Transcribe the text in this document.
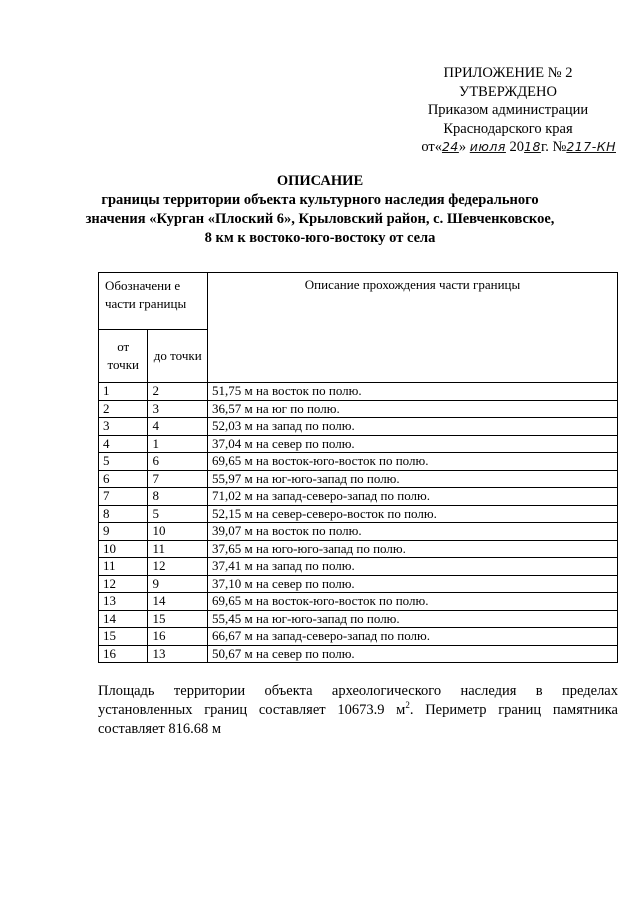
ПРИЛОЖЕНИЕ № 2
УТВЕРЖДЕНО
Приказом администрации
Краснодарского края
от«24» июля 2018г. №217-КН
ОПИСАНИЕ
границы территории объекта культурного наследия федерального
значения «Курган «Плоский 6», Крыловский район, с. Шевченковское,
8 км к востоко-юго-востоку от села
Обозначени е части границы		Описание прохождения части границы
от точки	до точки	
1	2	51,75 м на восток по полю.
2	3	36,57 м на юг по полю.
3	4	52,03 м на запад по полю.
4	1	37,04 м на север по полю.
5	6	69,65 м на восток-юго-восток по полю.
6	7	55,97 м на юг-юго-запад по полю.
7	8	71,02 м на запад-северо-запад по полю.
8	5	52,15 м на север-северо-восток по полю.
9	10	39,07 м на восток по полю.
10	11	37,65 м на юго-юго-запад по полю.
11	12	37,41 м на запад по полю.
12	9	37,10 м на север по полю.
13	14	69,65 м на восток-юго-восток по полю.
14	15	55,45 м на юг-юго-запад по полю.
15	16	66,67 м на запад-северо-запад по полю.
16	13	50,67 м на север по полю.
Площадь территории объекта археологического наследия в пределах установленных границ составляет 10673.9 $м^2$. Периметр границ памятника составляет 816.68 м
